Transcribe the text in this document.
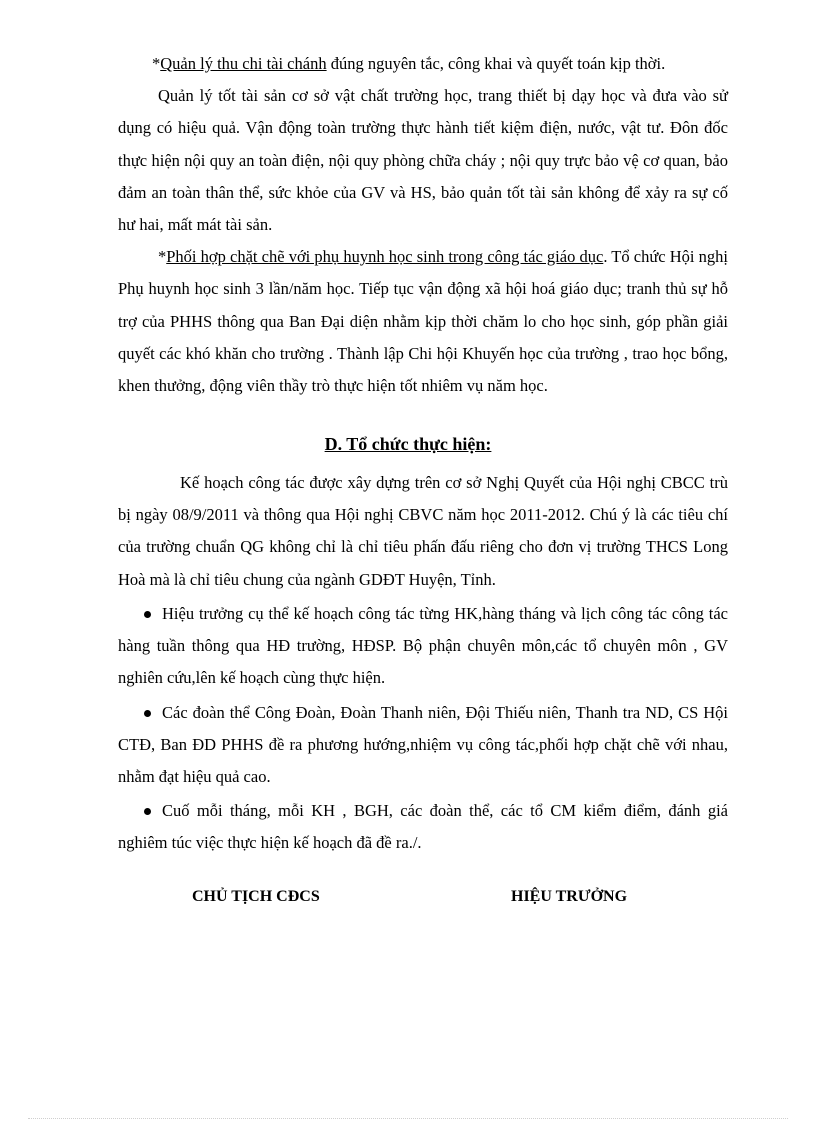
*Quản lý thu chi tài chánh đúng nguyên tắc, công khai và quyết toán kịp thời.

Quản lý tốt tài sản cơ sở vật chất trường học, trang thiết bị dạy học và đưa vào sử dụng có hiệu quả. Vận động toàn trường thực hành tiết kiệm điện, nước, vật tư. Đôn đốc thực hiện nội quy an toàn điện, nội quy phòng chữa cháy ; nội quy trực bảo vệ cơ quan, bảo đảm an toàn thân thể, sức khỏe của GV và HS, bảo quản tốt tài sản không để xảy ra sự cố hư hai, mất mát tài sản.

*Phối hợp chặt chẽ với phụ huynh học sinh trong công tác giáo dục. Tổ chức Hội nghị Phụ huynh học sinh 3 lần/năm học. Tiếp tục vận động xã hội hoá giáo dục; tranh thủ sự hỗ trợ của PHHS thông qua Ban Đại diện nhằm kịp thời chăm lo cho học sinh, góp phần giải quyết các khó khăn cho trường . Thành lập Chi hội Khuyến học của trường , trao học bổng, khen thưởng, động viên thầy trò thực hiện tốt nhiêm vụ năm học.

D. Tổ chức thực hiện:

Kế hoạch công tác được xây dựng trên cơ sở Nghị Quyết của Hội nghị CBCC trù bị ngày 08/9/2011 và thông qua Hội nghị CBVC năm học 2011-2012. Chú ý là các tiêu chí của trường chuẩn QG không chỉ là chỉ tiêu phấn đấu riêng cho đơn vị trường THCS Long Hoà mà là chỉ tiêu chung của ngành GDĐT Huyện, Tỉnh.

Hiệu trưởng cụ thể kế hoạch công tác từng HK,hàng tháng và lịch công tác công tác hàng tuần thông qua HĐ trường, HĐSP. Bộ phận chuyên môn,các tổ chuyên môn , GV nghiên cứu,lên kế hoạch cùng thực hiện.
Các đoàn thể Công Đoàn, Đoàn Thanh niên, Đội Thiếu niên, Thanh tra ND, CS Hội CTĐ, Ban ĐD PHHS đề ra phương hướng,nhiệm vụ công tác,phối hợp chặt chẽ với nhau, nhằm đạt hiệu quả cao.
Cuố mỗi tháng, mỗi KH , BGH, các đoàn thể, các tổ CM kiểm điểm, đánh giá nghiêm túc việc thực hiện kế hoạch đã đề ra./.
CHỦ TỊCH CĐCS	HIỆU TRƯỞNG
